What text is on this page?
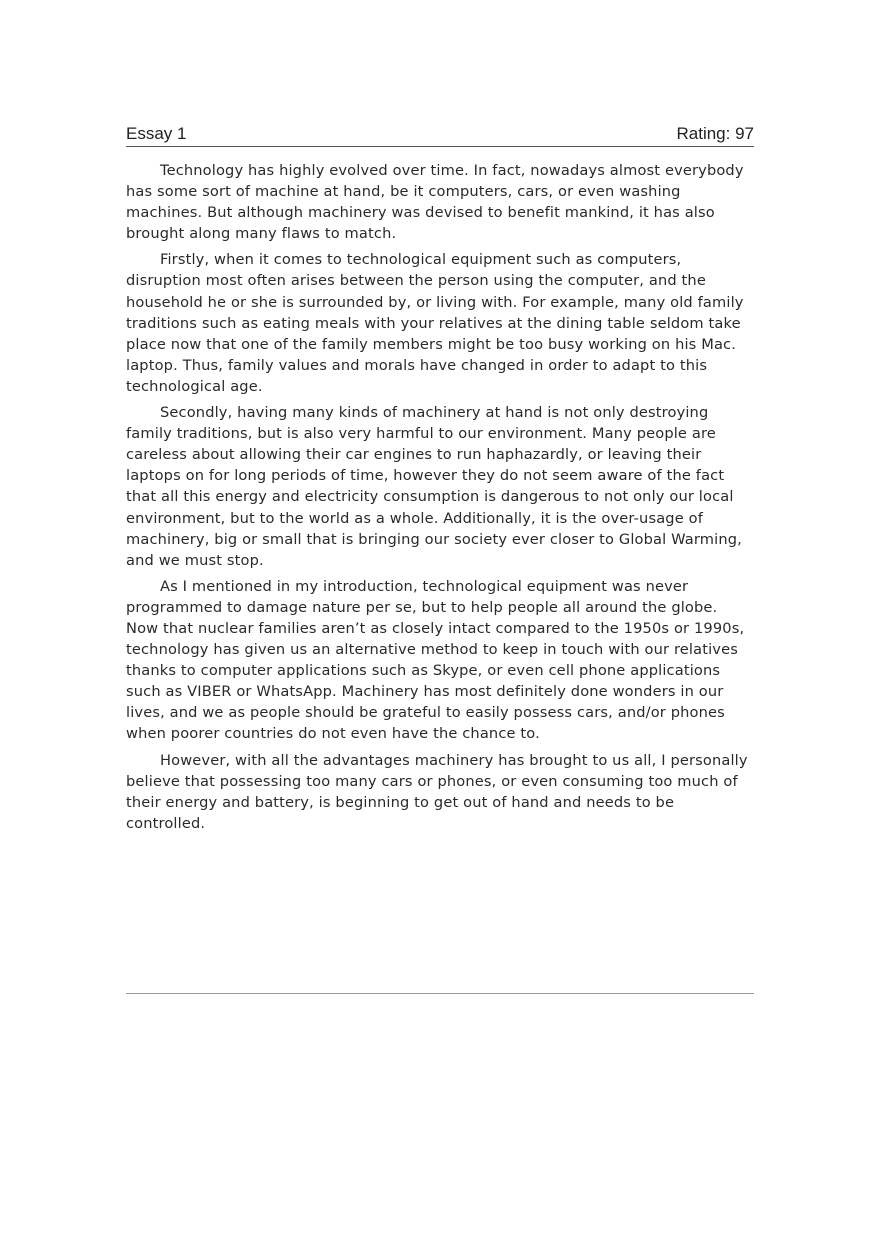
Essay 1	Rating: 97

Technology has highly evolved over time. In fact, nowadays almost everybody has some sort of machine at hand, be it computers, cars, or even washing machines. But although machinery was devised to benefit mankind, it has also brought along many flaws to match.

Firstly, when it comes to technological equipment such as computers, disruption most often arises between the person using the computer, and the household he or she is surrounded by, or living with. For example, many old family traditions such as eating meals with your relatives at the dining table seldom take place now that one of the family members might be too busy working on his Mac. laptop. Thus, family values and morals have changed in order to adapt to this technological age.

Secondly, having many kinds of machinery at hand is not only destroying family traditions, but is also very harmful to our environment. Many people are careless about allowing their car engines to run haphazardly, or leaving their laptops on for long periods of time, however they do not seem aware of the fact that all this energy and electricity consumption is dangerous to not only our local environment, but to the world as a whole. Additionally, it is the over-usage of machinery, big or small that is bringing our society ever closer to Global Warming, and we must stop.

As I mentioned in my introduction, technological equipment was never programmed to damage nature per se, but to help people all around the globe. Now that nuclear families aren’t as closely intact compared to the 1950s or 1990s, technology has given us an alternative method to keep in touch with our relatives thanks to computer applications such as Skype, or even cell phone applications such as VIBER or WhatsApp. Machinery has most definitely done wonders in our lives, and we as people should be grateful to easily possess cars, and/or phones when poorer countries do not even have the chance to.

However, with all the advantages machinery has brought to us all, I personally believe that possessing too many cars or phones, or even consuming too much of their energy and battery, is beginning to get out of hand and needs to be controlled.
